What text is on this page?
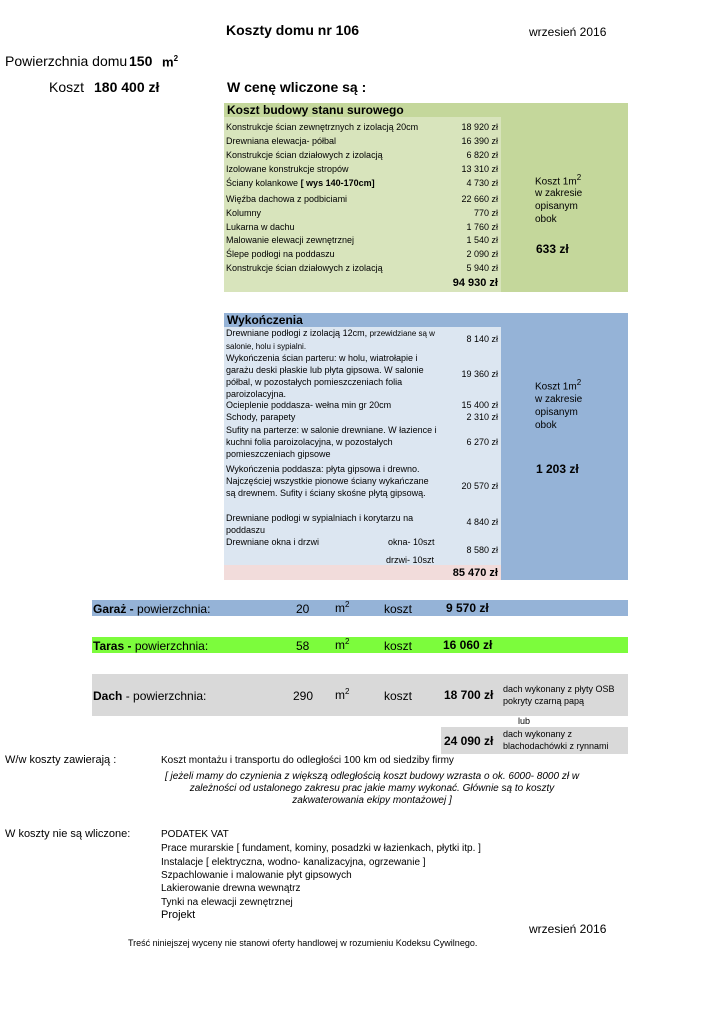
Koszty domu nr 106	wrzesień 2016
Powierzchnia domu 150 $m^2$
Koszt 180 400 zł	W cenę wliczone są :
Koszt budowy stanu surowego
Konstrukcje ścian zewnętrznych z izolacją 20cm	18 920 zł
Drewniana elewacja- półbal	16 390 zł
Konstrukcje ścian działowych z izolacją	6 820 zł
Izolowane konstrukcje stropów	13 310 zł
Ściany kolankowe [ wys 140-170cm]	4 730 zł
Więźba dachowa z podbiciami	22 660 zł
Kolumny	770 zł
Lukarna w dachu	1 760 zł
Malowanie elewacji zewnętrznej	1 540 zł
Ślepe podłogi na poddaszu	2 090 zł
Konstrukcje ścian działowych z izolacją	5 940 zł
94 930 zł
Koszt $1m^2$
w zakresie
opisanym
obok
633 zł
Wykończenia
Drewniane podłogi z izolacją 12cm, przewidziane są w salonie, holu i sypialni.
8 140 zł
Wykończenia ścian parteru: w holu, wiatrołapie i garażu deski płaskie lub płyta gipsowa. W salonie półbal, w pozostałych pomieszczeniach folia paroizolacyjna.
19 360 zł
Ocieplenie poddasza- wełna min gr 20cm	15 400 zł
Schody, parapety	2 310 zł
Sufity na parterze: w salonie drewniane. W łazience i kuchni folia paroizolacyjna, w pozostałych pomieszczeniach gipsowe
6 270 zł
Wykończenia poddasza: płyta gipsowa i drewno. Najczęściej wszystkie pionowe ściany wykańczane są drewnem. Sufity i ściany skośne płytą gipsową.
20 570 zł
Drewniane podłogi w sypialniach i korytarzu na poddaszu
4 840 zł
Drewniane okna i drzwi	okna- 10szt
8 580 zł
drzwi- 10szt
85 470 zł
Koszt $1m^2$
w zakresie
opisanym
obok
1 203 zł
Garaż - powierzchnia:	20 $m^2$	koszt	9 570 zł
Taras - powierzchnia:	58 $m^2$	koszt	16 060 zł
Dach - powierzchnia:	290 $m^2$	koszt	18 700 zł dach wykonany z płyty OSB pokryty czarną papą
lub
24 090 zł dach wykonany z blachodachówki z rynnami
W/w koszty zawierają :	Koszt montażu i transportu do odległości 100 km od siedziby firmy
[ jeżeli mamy do czynienia z większą odległością koszt budowy wzrasta o ok. 6000- 8000 zł w zależności od ustalonego zakresu prac jakie mamy wykonać. Głównie są to koszty zakwaterowania ekipy montażowej ]
W koszty nie są wliczone:	PODATEK VAT
Prace murarskie [ fundament, kominy, posadzki w łazienkach, płytki itp. ]
Instalacje [ elektryczna, wodno- kanalizacyjna, ogrzewanie ]
Szpachlowanie i malowanie płyt gipsowych
Lakierowanie drewna wewnątrz
Tynki na elewacji zewnętrznej
Projekt
wrzesień 2016
Treść niniejszej wyceny nie stanowi oferty handlowej w rozumieniu Kodeksu Cywilnego.
